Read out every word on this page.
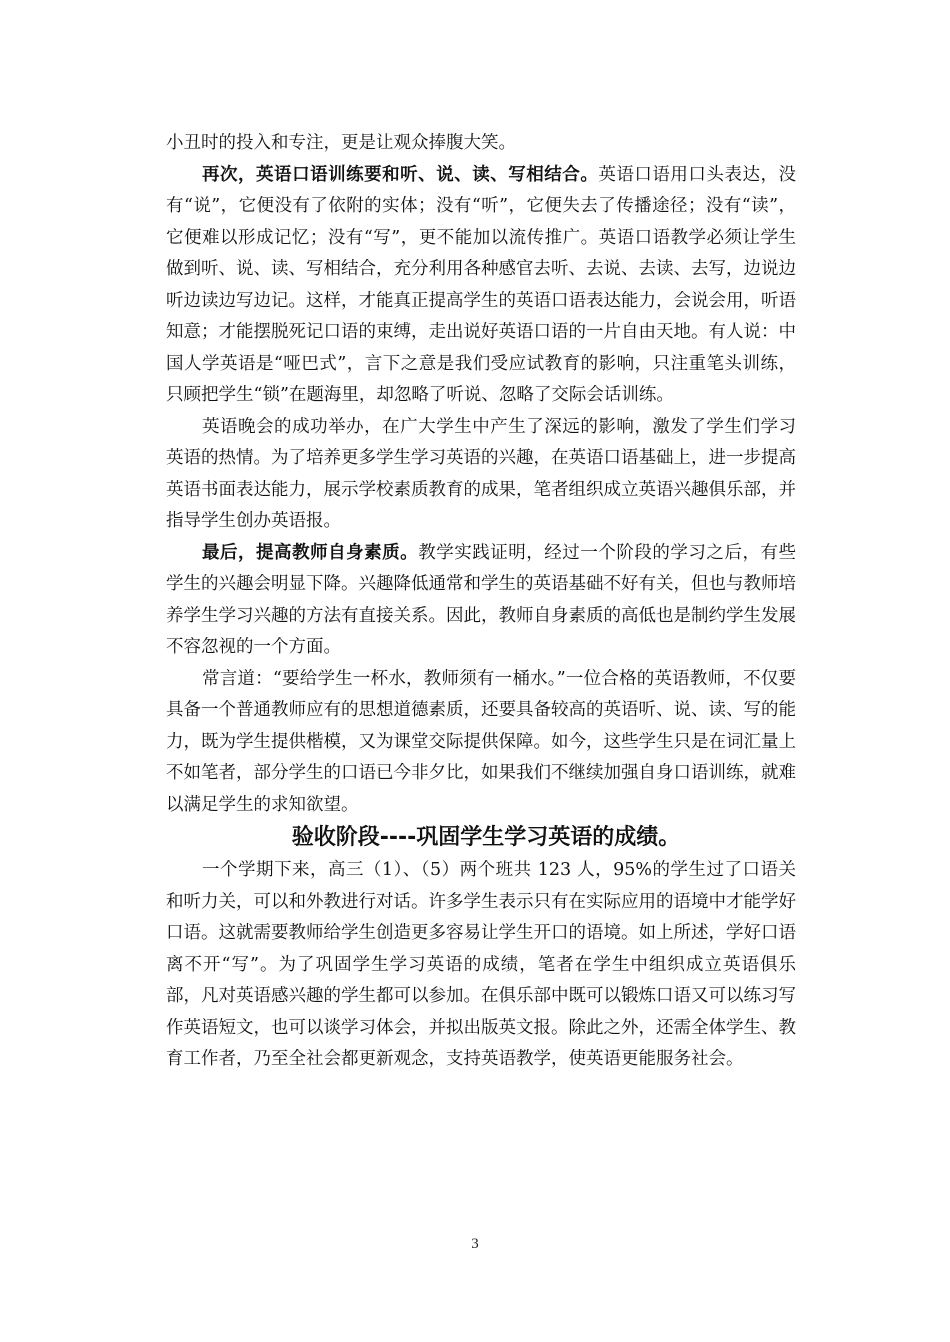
小丑时的投入和专注，更是让观众捧腹大笑。

再次，英语口语训练要和听、说、读、写相结合。英语口语用口头表达，没有“说”，它便没有了依附的实体；没有“听”，它便失去了传播途径；没有“读”，它便难以形成记忆；没有“写”，更不能加以流传推广。英语口语教学必须让学生做到听、说、读、写相结合，充分利用各种感官去听、去说、去读、去写，边说边听边读边写边记。这样，才能真正提高学生的英语口语表达能力，会说会用，听语知意；才能摆脱死记口语的束缚，走出说好英语口语的一片自由天地。有人说：中国人学英语是“哑巴式”，言下之意是我们受应试教育的影响，只注重笔头训练，只顾把学生“锁”在题海里，却忽略了听说、忽略了交际会话训练。

英语晚会的成功举办，在广大学生中产生了深远的影响，激发了学生们学习英语的热情。为了培养更多学生学习英语的兴趣，在英语口语基础上，进一步提高英语书面表达能力，展示学校素质教育的成果，笔者组织成立英语兴趣俱乐部，并指导学生创办英语报。

最后，提高教师自身素质。教学实践证明，经过一个阶段的学习之后，有些学生的兴趣会明显下降。兴趣降低通常和学生的英语基础不好有关，但也与教师培养学生学习兴趣的方法有直接关系。因此，教师自身素质的高低也是制约学生发展不容忽视的一个方面。

常言道：“要给学生一杯水，教师须有一桶水。”一位合格的英语教师，不仅要具备一个普通教师应有的思想道德素质，还要具备较高的英语听、说、读、写的能力，既为学生提供楷模，又为课堂交际提供保障。如今，这些学生只是在词汇量上不如笔者，部分学生的口语已今非夕比，如果我们不继续加强自身口语训练，就难以满足学生的求知欲望。

验收阶段----巩固学生学习英语的成绩。

一个学期下来，高三（1）、（5）两个班共 123 人，95%的学生过了口语关和听力关，可以和外教进行对话。许多学生表示只有在实际应用的语境中才能学好口语。这就需要教师给学生创造更多容易让学生开口的语境。如上所述，学好口语离不开“写”。为了巩固学生学习英语的成绩，笔者在学生中组织成立英语俱乐部，凡对英语感兴趣的学生都可以参加。在俱乐部中既可以锻炼口语又可以练习写作英语短文，也可以谈学习体会，并拟出版英文报。除此之外，还需全体学生、教育工作者，乃至全社会都更新观念，支持英语教学，使英语更能服务社会。

3
